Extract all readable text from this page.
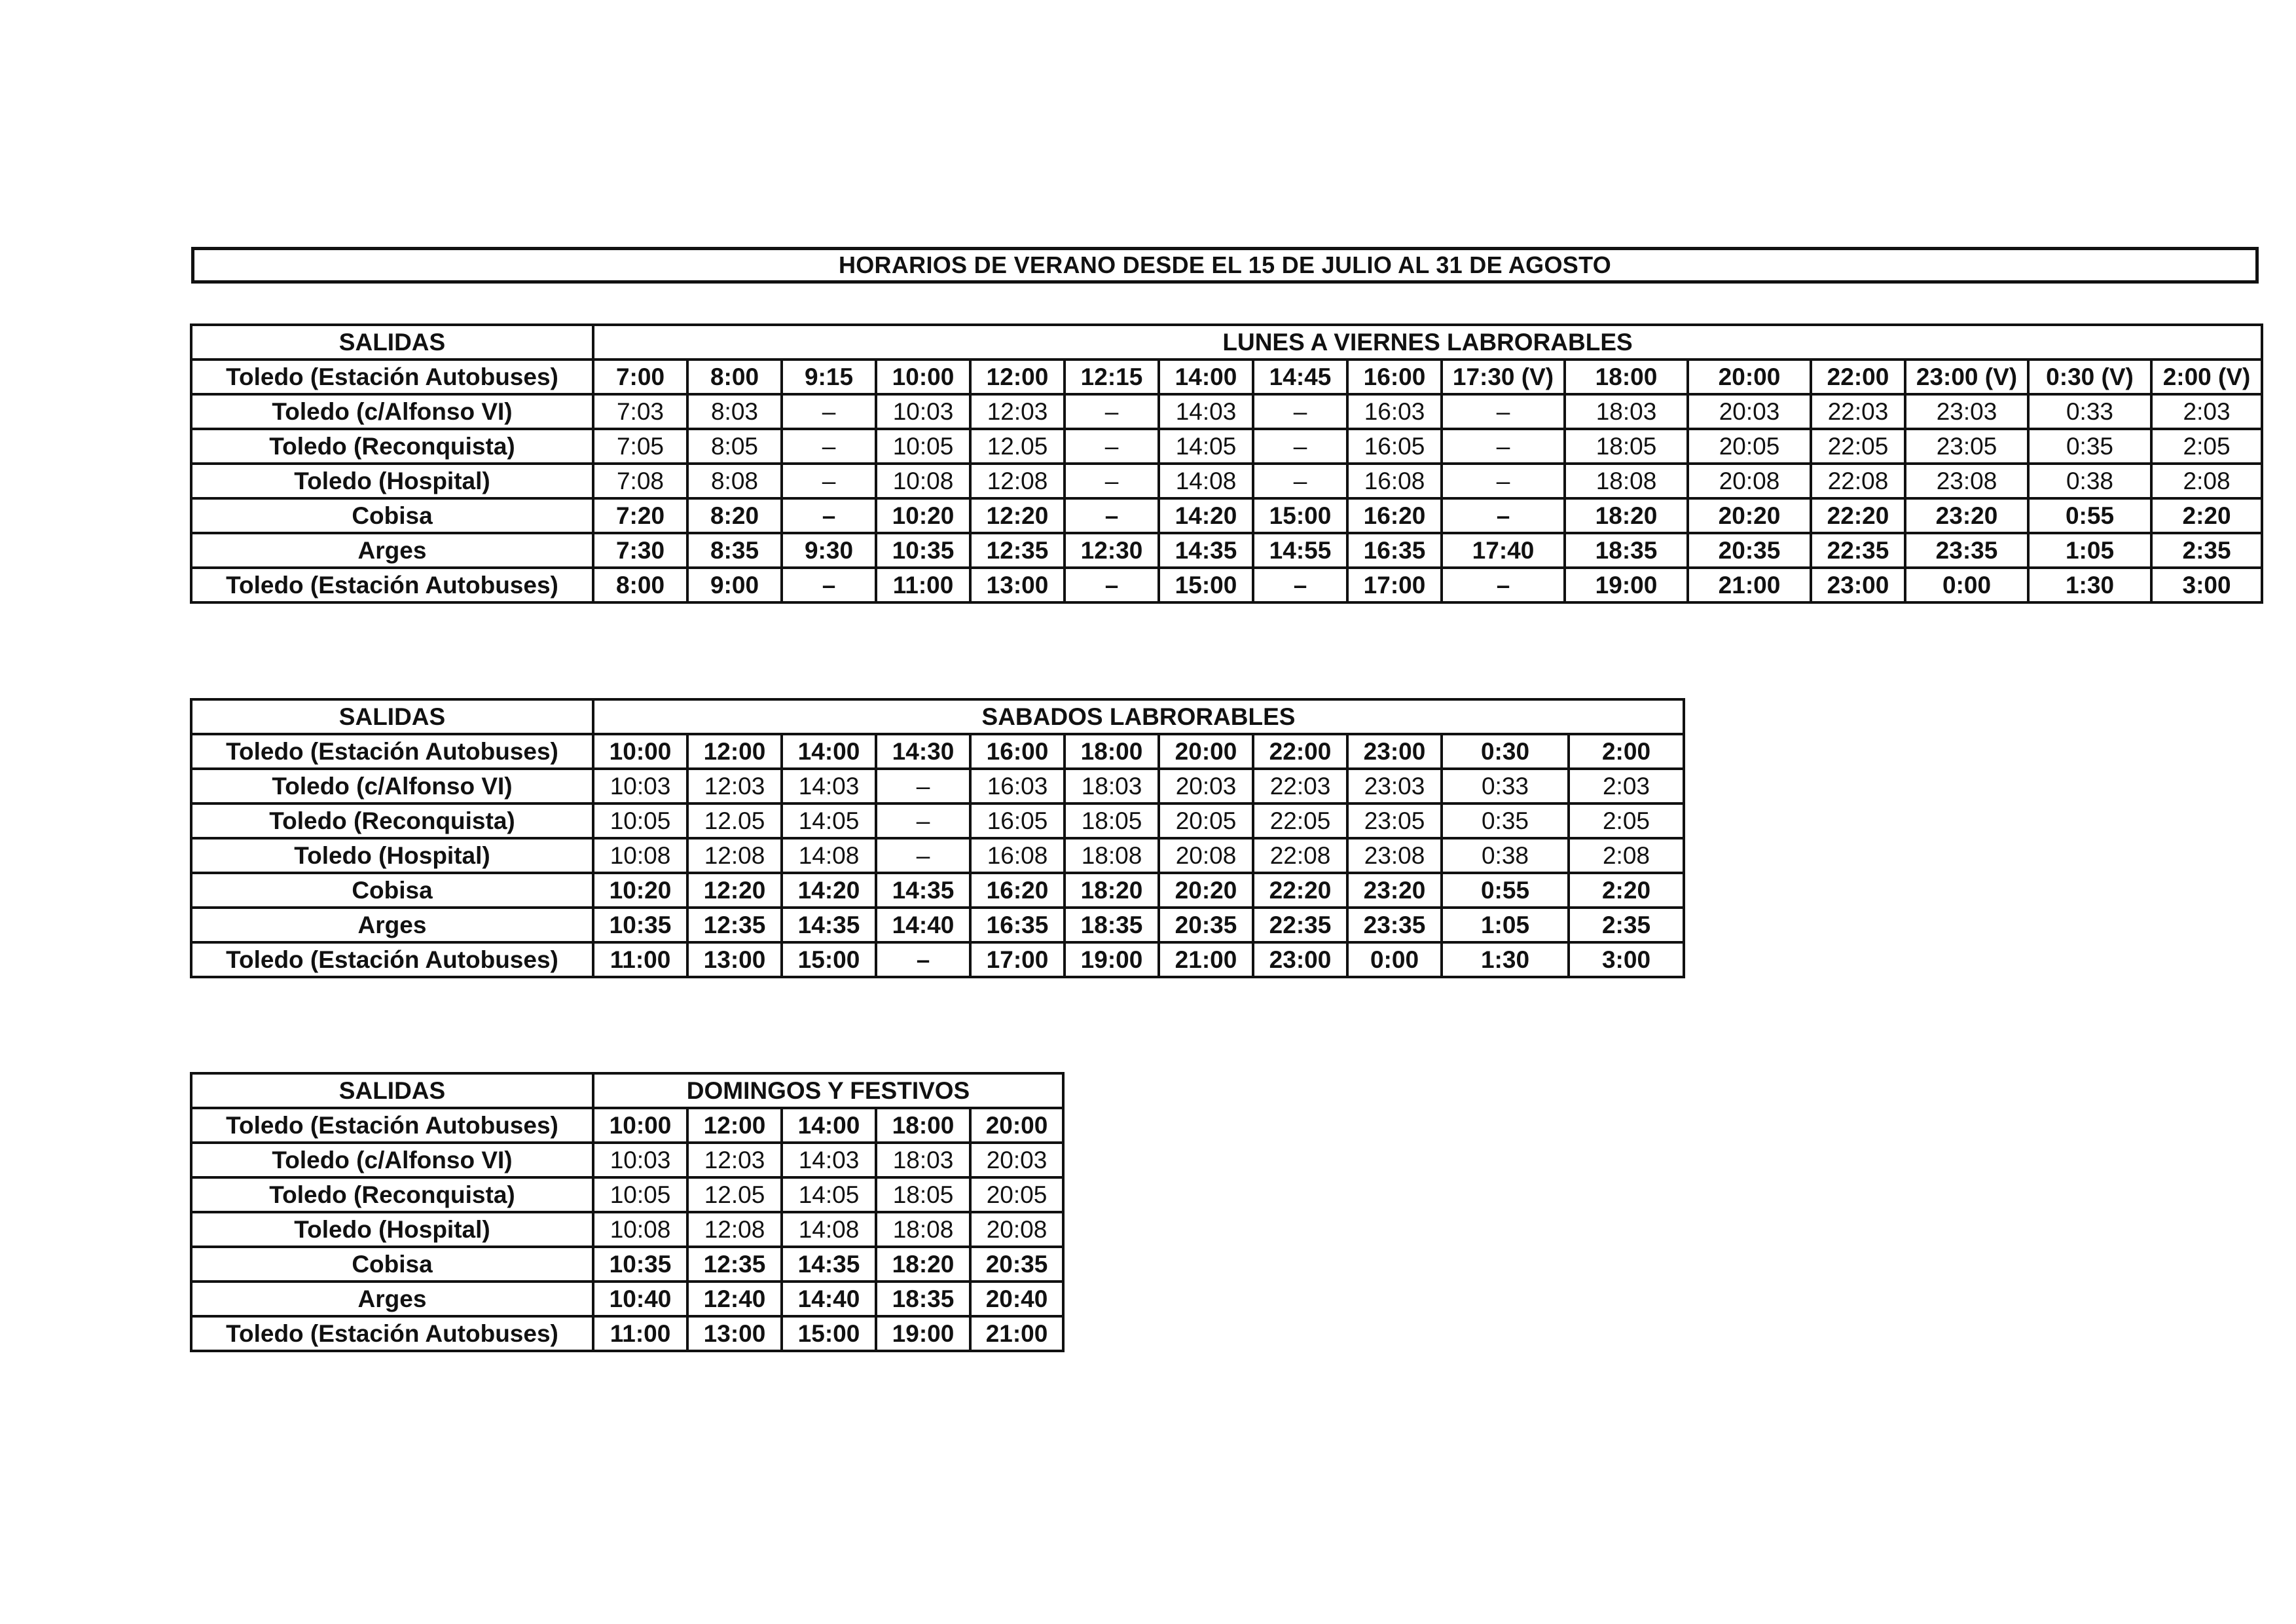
HORARIOS DE VERANO DESDE EL 15 DE JULIO AL 31 DE AGOSTO
SALIDAS	LUNES A VIERNES LABRORABLES															
Toledo (Estación Autobuses)	7:00	8:00	9:15	10:00	12:00	12:15	14:00	14:45	16:00	17:30 (V)	18:00	20:00	22:00	23:00 (V)	0:30 (V)	2:00 (V)
Toledo (c/Alfonso VI)	7:03	8:03	–	10:03	12:03	–	14:03	–	16:03	–	18:03	20:03	22:03	23:03	0:33	2:03
Toledo (Reconquista)	7:05	8:05	–	10:05	12.05	–	14:05	–	16:05	–	18:05	20:05	22:05	23:05	0:35	2:05
Toledo (Hospital)	7:08	8:08	–	10:08	12:08	–	14:08	–	16:08	–	18:08	20:08	22:08	23:08	0:38	2:08
Cobisa	7:20	8:20	–	10:20	12:20	–	14:20	15:00	16:20	–	18:20	20:20	22:20	23:20	0:55	2:20
Arges	7:30	8:35	9:30	10:35	12:35	12:30	14:35	14:55	16:35	17:40	18:35	20:35	22:35	23:35	1:05	2:35
Toledo (Estación Autobuses)	8:00	9:00	–	11:00	13:00	–	15:00	–	17:00	–	19:00	21:00	23:00	0:00	1:30	3:00
SALIDAS	SABADOS LABRORABLES										
Toledo (Estación Autobuses)	10:00	12:00	14:00	14:30	16:00	18:00	20:00	22:00	23:00	0:30	2:00
Toledo (c/Alfonso VI)	10:03	12:03	14:03	–	16:03	18:03	20:03	22:03	23:03	0:33	2:03
Toledo (Reconquista)	10:05	12.05	14:05	–	16:05	18:05	20:05	22:05	23:05	0:35	2:05
Toledo (Hospital)	10:08	12:08	14:08	–	16:08	18:08	20:08	22:08	23:08	0:38	2:08
Cobisa	10:20	12:20	14:20	14:35	16:20	18:20	20:20	22:20	23:20	0:55	2:20
Arges	10:35	12:35	14:35	14:40	16:35	18:35	20:35	22:35	23:35	1:05	2:35
Toledo (Estación Autobuses)	11:00	13:00	15:00	–	17:00	19:00	21:00	23:00	0:00	1:30	3:00
SALIDAS	DOMINGOS Y FESTIVOS				
Toledo (Estación Autobuses)	10:00	12:00	14:00	18:00	20:00
Toledo (c/Alfonso VI)	10:03	12:03	14:03	18:03	20:03
Toledo (Reconquista)	10:05	12.05	14:05	18:05	20:05
Toledo (Hospital)	10:08	12:08	14:08	18:08	20:08
Cobisa	10:35	12:35	14:35	18:20	20:35
Arges	10:40	12:40	14:40	18:35	20:40
Toledo (Estación Autobuses)	11:00	13:00	15:00	19:00	21:00
